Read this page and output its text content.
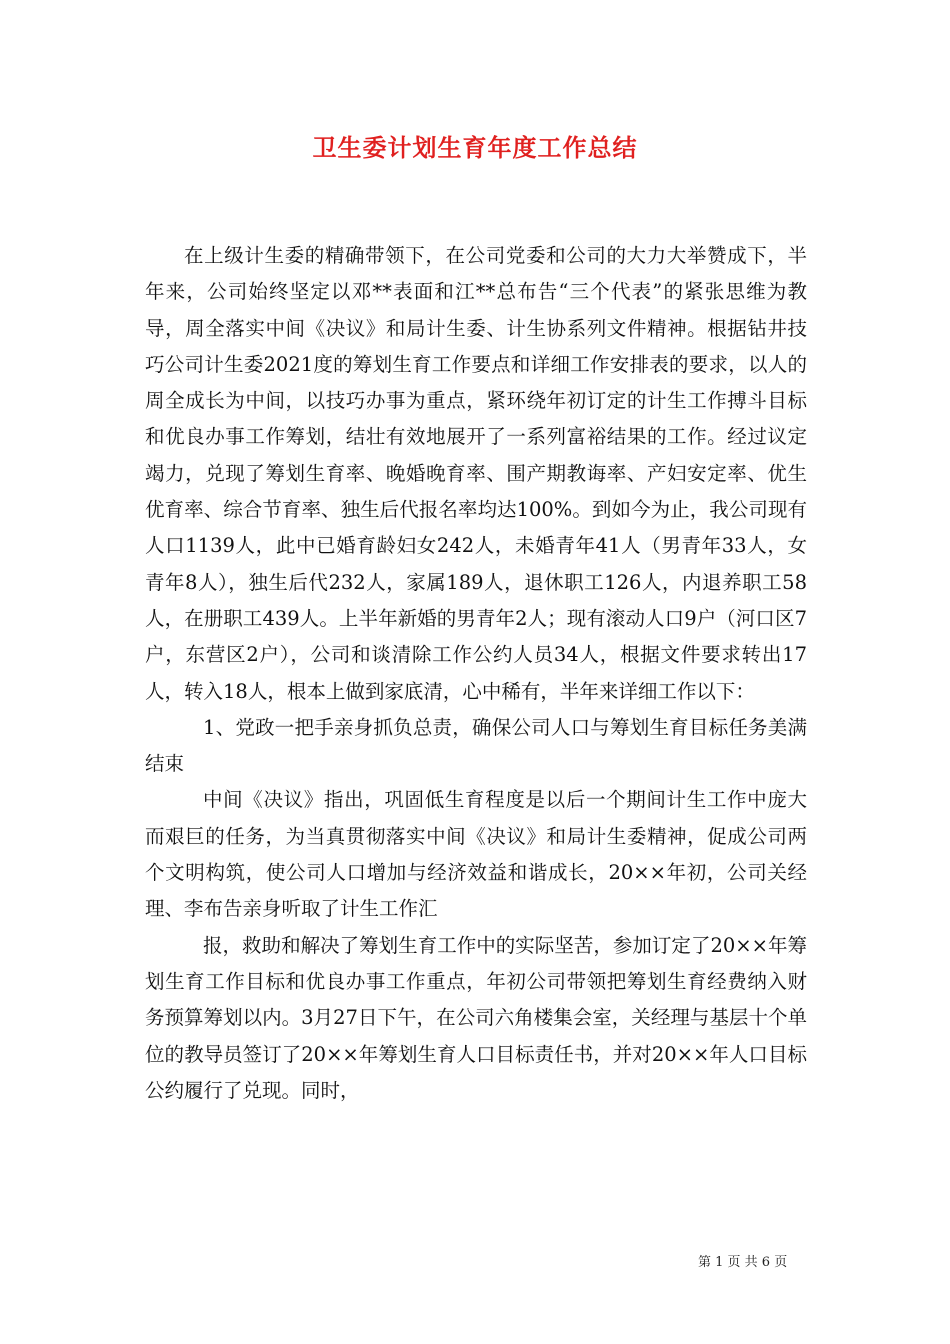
卫生委计划生育年度工作总结

在上级计生委的精确带领下，在公司党委和公司的大力大举赞成下，半年来，公司始终坚定以邓**表面和江**总布告“三个代表”的紧张思维为教导，周全落实中间《决议》和局计生委、计生协系列文件精神。根据钻井技巧公司计生委2021度的筹划生育工作要点和详细工作安排表的要求，以人的周全成长为中间，以技巧办事为重点，紧环绕年初订定的计生工作搏斗目标和优良办事工作筹划，结壮有效地展开了一系列富裕结果的工作。经过议定竭力，兑现了筹划生育率、晚婚晚育率、围产期教诲率、产妇安定率、优生优育率、综合节育率、独生后代报名率均达100%。到如今为止，我公司现有人口1139人，此中已婚育龄妇女242人，未婚青年41人（男青年33人，女青年8人），独生后代232人，家属189人，退休职工126人，内退养职工58人，在册职工439人。上半年新婚的男青年2人；现有滚动人口9户（河口区7户，东营区2户），公司和谈清除工作公约人员34人，根据文件要求转出17人，转入18人，根本上做到家底清，心中稀有，半年来详细工作以下：

1、党政一把手亲身抓负总责，确保公司人口与筹划生育目标任务美满结束

中间《决议》指出，巩固低生育程度是以后一个期间计生工作中庞大而艰巨的任务，为当真贯彻落实中间《决议》和局计生委精神，促成公司两个文明构筑，使公司人口增加与经济效益和谐成长，20××年初，公司关经理、李布告亲身听取了计生工作汇

报，救助和解决了筹划生育工作中的实际坚苦，参加订定了20××年筹划生育工作目标和优良办事工作重点，年初公司带领把筹划生育经费纳入财务预算筹划以内。3月27日下午，在公司六角楼集会室，关经理与基层十个单位的教导员签订了20××年筹划生育人口目标责任书，并对20××年人口目标公约履行了兑现。同时，

第 1 页 共 6 页
